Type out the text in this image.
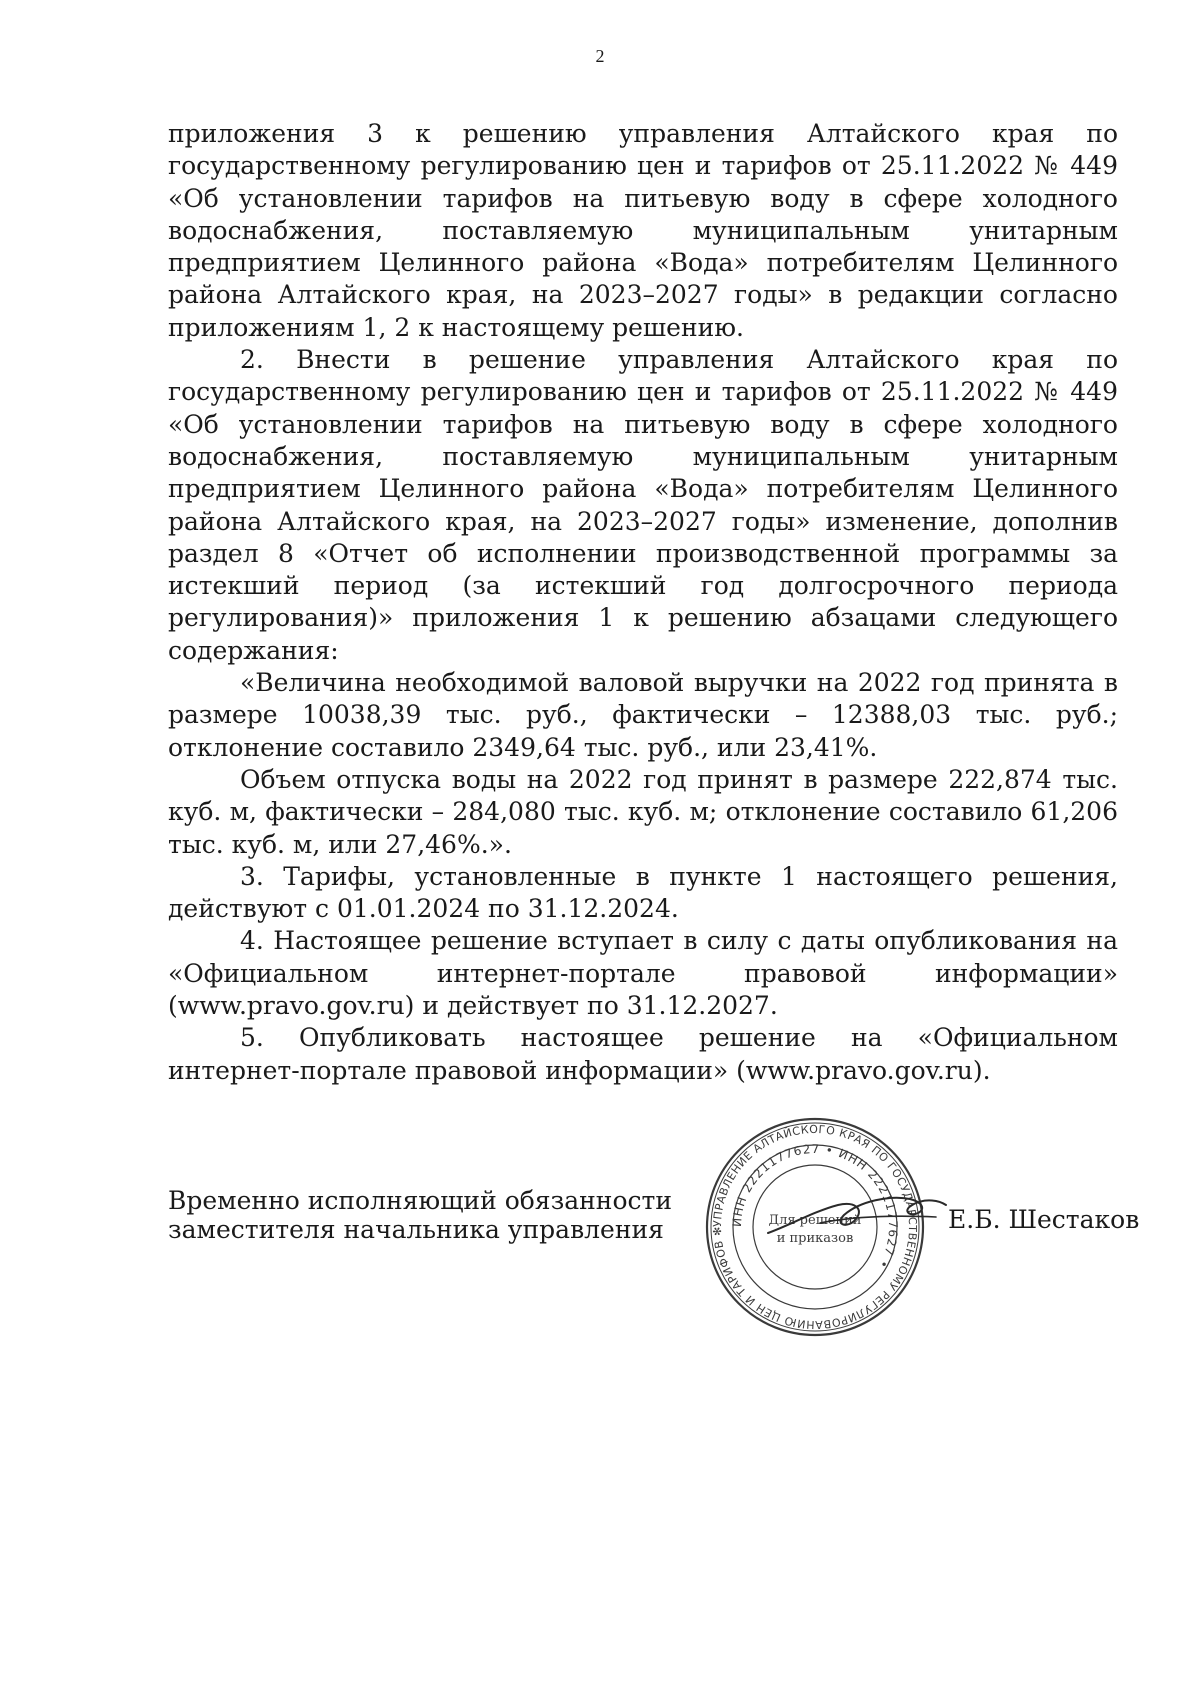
2

приложения 3 к решению управления Алтайского края по государственному регулированию цен и тарифов от 25.11.2022 № 449 «Об установлении тарифов на питьевую воду в сфере холодного водоснабжения, поставляемую муниципальным унитарным предприятием Целинного района «Вода» потребителям Целинного района Алтайского края, на 2023–2027 годы» в редакции согласно приложениям 1, 2 к настоящему решению.

2. Внести в решение управления Алтайского края по государственному регулированию цен и тарифов от 25.11.2022 № 449 «Об установлении тарифов на питьевую воду в сфере холодного водоснабжения, поставляемую муниципальным унитарным предприятием Целинного района «Вода» потребителям Целинного района Алтайского края, на 2023–2027 годы» изменение, дополнив раздел 8 «Отчет об исполнении производственной программы за истекший период (за истекший год долгосрочного периода регулирования)» приложения 1 к решению абзацами следующего содержания:

«Величина необходимой валовой выручки на 2022 год принята в размере 10038,39 тыс. руб., фактически – 12388,03 тыс. руб.; отклонение составило 2349,64 тыс. руб., или 23,41%.

Объем отпуска воды на 2022 год принят в размере 222,874 тыс. куб. м, фактически – 284,080 тыс. куб. м; отклонение составило 61,206 тыс. куб. м, или 27,46%.».

3. Тарифы, установленные в пункте 1 настоящего решения, действуют с 01.01.2024 по 31.12.2024.

4. Настоящее решение вступает в силу с даты опубликования на «Официальном интернет-портале правовой информации» (www.pravo.gov.ru) и действует по 31.12.2027.

5. Опубликовать настоящее решение на «Официальном интернет-портале правовой информации» (www.pravo.gov.ru).

Временно исполняющий обязанности
заместителя начальника управления	Е.Б. Шестаков
УПРАВЛЕНИЕ АЛТАЙСКОГО КРАЯ ПО ГОСУДАРСТВЕННОМУ РЕГУЛИРОВАНИЮ ЦЕН И ТАРИФОВ ✻
ИНН 2221177627 • ИНН 2221177627 •
Для решений
и приказов
